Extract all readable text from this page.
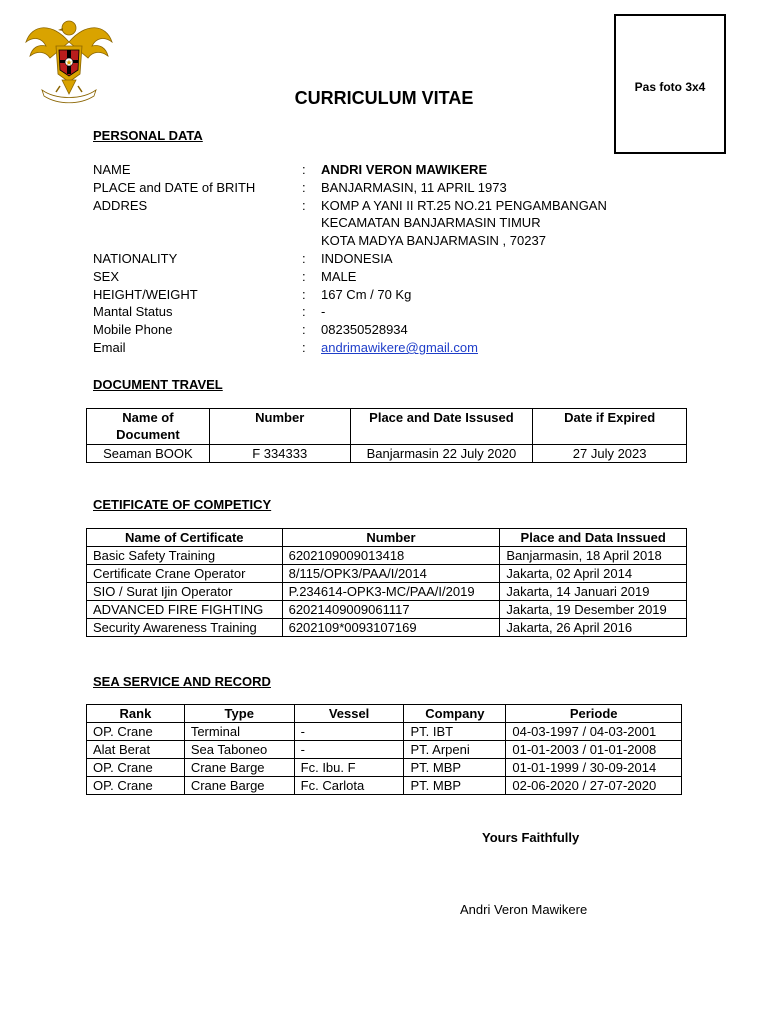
Pas foto 3x4
CURRICULUM VITAE
PERSONAL DATA
NAME	: ANDRI VERON MAWIKERE
PLACE and DATE of BRITH	: BANJARMASIN, 11 APRIL 1973
ADDRES	: KOMP A YANI II RT.25 NO.21 PENGAMBANGAN
KECAMATAN BANJARMASIN TIMUR
KOTA MADYA BANJARMASIN , 70237
NATIONALITY	: INDONESIA
SEX	: MALE
HEIGHT/WEIGHT	: 167 Cm / 70 Kg
Mantal Status	: -
Mobile Phone	: 082350528934
Email	: andrimawikere@gmail.com
DOCUMENT TRAVEL
Name of Document	Number	Place and Date Issused	Date if Expired
Seaman BOOK	F 334333	Banjarmasin 22 July 2020	27 July 2023
CETIFICATE OF COMPETICY
Name of Certificate	Number	Place and Data Inssued
Basic Safety Training	6202109009013418	Banjarmasin, 18 April 2018
Certificate Crane Operator	8/115/OPK3/PAA/I/2014	Jakarta, 02 April 2014
SIO / Surat Ijin Operator	P.234614-OPK3-MC/PAA/I/2019	Jakarta, 14 Januari 2019
ADVANCED FIRE FIGHTING	62021409009061117	Jakarta, 19 Desember 2019
Security Awareness Training	6202109*0093107169	Jakarta, 26 April 2016
SEA SERVICE AND RECORD
Rank	Type	Vessel	Company	Periode
OP. Crane	Terminal	-	PT. IBT	04-03-1997 / 04-03-2001
Alat Berat	Sea Taboneo	-	PT. Arpeni	01-01-2003 / 01-01-2008
OP. Crane	Crane Barge	Fc. Ibu. F	PT. MBP	01-01-1999 / 30-09-2014
OP. Crane	Crane Barge	Fc. Carlota	PT. MBP	02-06-2020 / 27-07-2020
Yours Faithfully
Andri Veron Mawikere
